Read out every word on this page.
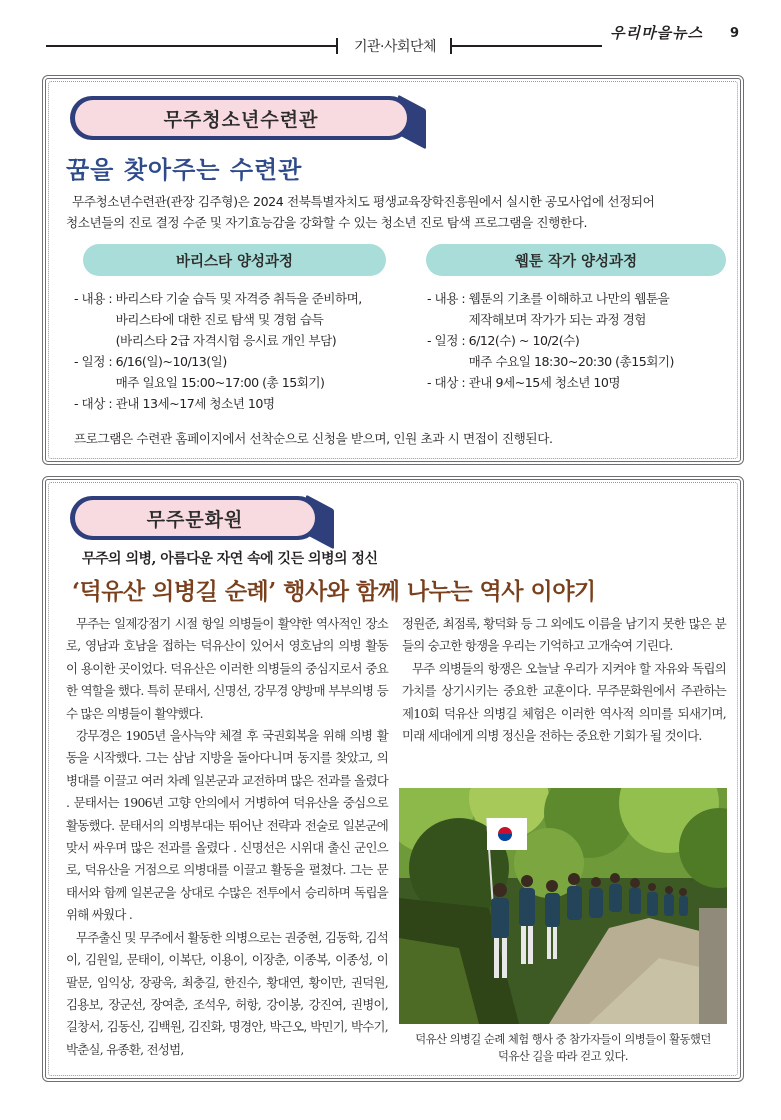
기관·사회단체
우리마을뉴스 9
무주청소년수련관
꿈을 찾아주는 수련관
무주청소년수련관(관장 김주형)은 2024 전북특별자치도 평생교육장학진흥원에서 실시한 공모사업에 선정되어
청소년들의 진로 결정 수준 및 자기효능감을 강화할 수 있는 청소년 진로 탐색 프로그램을 진행한다.
바리스타 양성과정	웹툰 작가 양성과정
- 내용 : 바리스타 기술 습득 및 자격증 취득을 준비하며,
바리스타에 대한 진로 탐색 및 경험 습득
(바리스타 2급 자격시험 응시료 개인 부담)
- 일정 : 6/16(일)~10/13(일)
매주 일요일 15:00~17:00 (총 15회기)
- 대상 : 관내 13세~17세 청소년 10명
- 내용 : 웹툰의 기초를 이해하고 나만의 웹툰을
제작해보며 작가가 되는 과정 경험
- 일정 : 6/12(수) ~ 10/2(수)
매주 수요일 18:30~20:30 (총15회기)
- 대상 : 관내 9세~15세 청소년 10명
프로그램은 수련관 홈페이지에서 선착순으로 신청을 받으며, 인원 초과 시 면접이 진행된다.
무주문화원
무주의 의병, 아름다운 자연 속에 깃든 의병의 정신
‘덕유산 의병길 순례’ 행사와 함께 나누는 역사 이야기

무주는 일제강점기 시절 항일 의병들이 활약한 역사적인 장소로, 영남과 호남을 접하는 덕유산이 있어서 영호남의 의병 활동이 용이한 곳이었다. 덕유산은 이러한 의병들의 중심지로서 중요한 역할을 했다. 특히 문태서, 신명선, 강무경 양방매 부부의병 등 수 많은 의병들이 활약했다.

강무경은 1905년 을사늑약 체결 후 국권회복을 위해 의병 활동을 시작했다. 그는 삼남 지방을 돌아다니며 동지를 찾았고, 의병대를 이끌고 여러 차례 일본군과 교전하며 많은 전과를 올렸다 . 문태서는 1906년 고향 안의에서 거병하여 덕유산을 중심으로 활동했다. 문태서의 의병부대는 뛰어난 전략과 전술로 일본군에 맞서 싸우며 많은 전과를 올렸다 . 신명선은 시위대 출신 군인으로, 덕유산을 거점으로 의병대를 이끌고 활동을 펼쳤다. 그는 문태서와 함께 일본군을 상대로 수많은 전투에서 승리하며 독립을 위해 싸웠다 .

무주출신 및 무주에서 활동한 의병으로는 권중현, 김동학, 김석이, 김원일, 문태이, 이복단, 이용이, 이장춘, 이종복, 이종성, 이팔문, 임익상, 장광욱, 최충길, 한진수, 황대연, 황이만, 권덕원, 김용보, 장군선, 장여춘, 조석우, 허항, 강이봉, 강진여, 권병이, 길창서, 김동신, 김백원, 김진화, 명경안, 박근오, 박민기, 박수기, 박춘실, 유종환, 전성범,

정원준, 최점록, 황덕화 등 그 외에도 이름을 남기지 못한 많은 분들의 숭고한 항쟁을 우리는 기억하고 고개숙여 기린다.

무주 의병들의 항쟁은 오늘날 우리가 지켜야 할 자유와 독립의 가치를 상기시키는 중요한 교훈이다. 무주문화원에서 주관하는 제10회 덕유산 의병길 체험은 이러한 역사적 의미를 되새기며, 미래 세대에게 의병 정신을 전하는 중요한 기회가 될 것이다.

덕유산 의병길 순례 체험 행사 중 참가자들이 의병들이 활동했던
덕유산 길을 따라 걷고 있다.
